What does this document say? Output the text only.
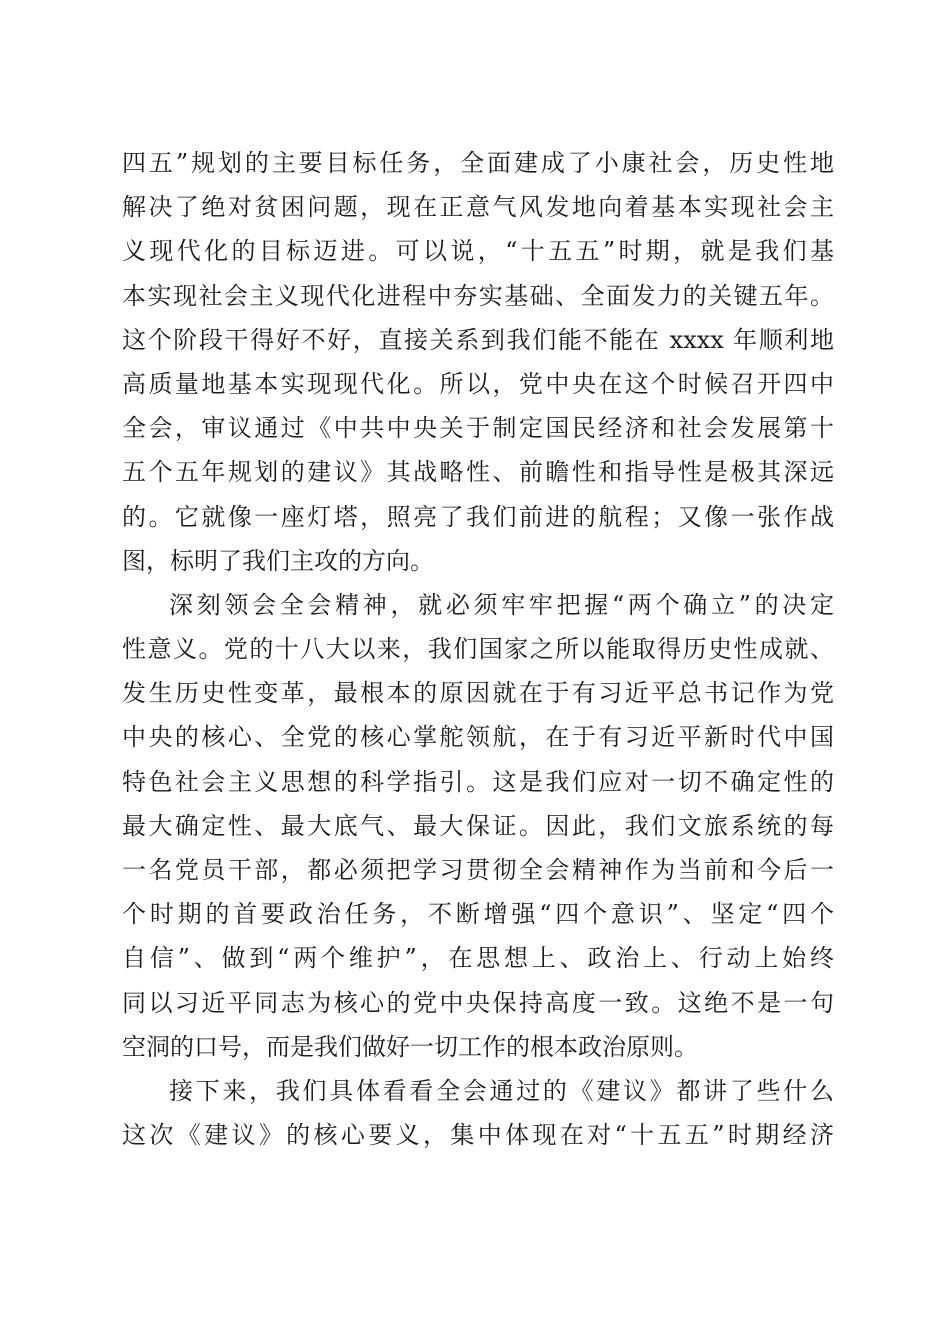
四五”规划的主要目标任务，全面建成了小康社会，历史性地
解决了绝对贫困问题，现在正意气风发地向着基本实现社会主
义现代化的目标迈进。可以说，“十五五”时期，就是我们基
本实现社会主义现代化进程中夯实基础、全面发力的关键五年。
这个阶段干得好不好，直接关系到我们能不能在 xxxx 年顺利地
高质量地基本实现现代化。所以，党中央在这个时候召开四中
全会，审议通过《中共中央关于制定国民经济和社会发展第十
五个五年规划的建议》其战略性、前瞻性和指导性是极其深远
的。它就像一座灯塔，照亮了我们前进的航程；又像一张作战
图，标明了我们主攻的方向。
深刻领会全会精神，就必须牢牢把握“两个确立”的决定
性意义。党的十八大以来，我们国家之所以能取得历史性成就、
发生历史性变革，最根本的原因就在于有习近平总书记作为党
中央的核心、全党的核心掌舵领航，在于有习近平新时代中国
特色社会主义思想的科学指引。这是我们应对一切不确定性的
最大确定性、最大底气、最大保证。因此，我们文旅系统的每
一名党员干部，都必须把学习贯彻全会精神作为当前和今后一
个时期的首要政治任务，不断增强“四个意识”、坚定“四个
自信”、做到“两个维护”，在思想上、政治上、行动上始终
同以习近平同志为核心的党中央保持高度一致。这绝不是一句
空洞的口号，而是我们做好一切工作的根本政治原则。
接下来，我们具体看看全会通过的《建议》都讲了些什么
这次《建议》的核心要义，集中体现在对“十五五”时期经济
